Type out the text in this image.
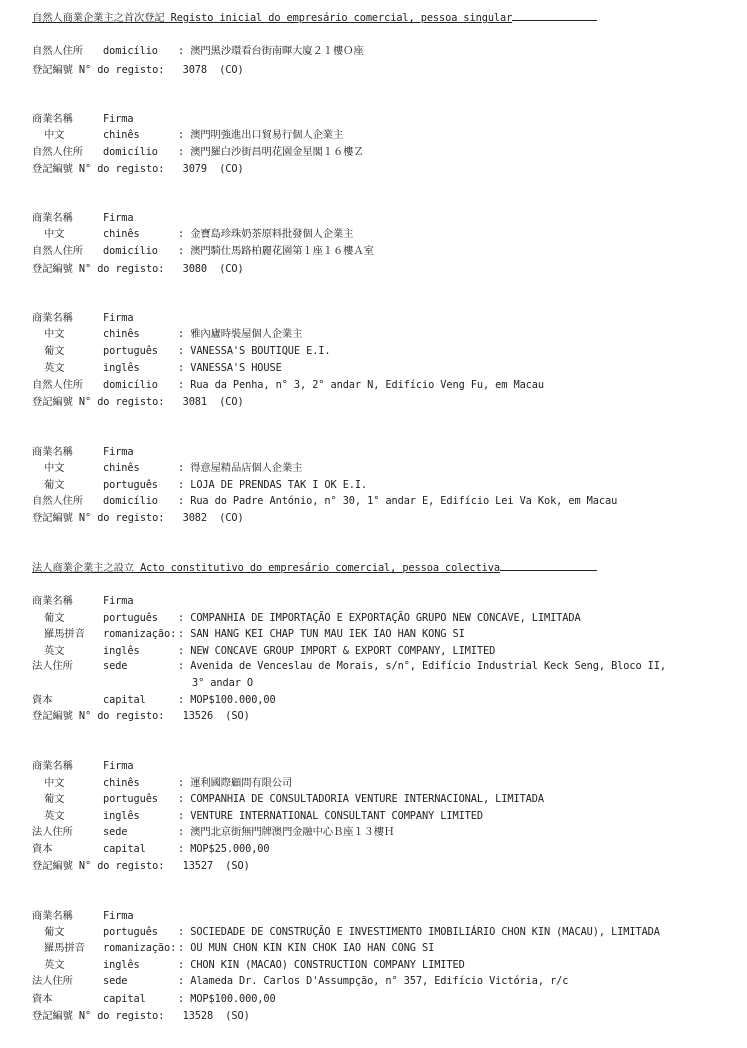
自然人商業企業主之首次登記 Registo inicial do empresário comercial, pessoa singular
自然人住所 domicílio : 澳門黑沙環看台街南暉大廈２１樓Ｏ座
登記編號 N° do registo: 3078  (CO)
商業名稱	Firma
中文	chinês	: 澳門明強進出口貿易行個人企業主
自然人住所 domicílio : 澳門羅白沙街昌明花園金星閣１６樓Ｚ
登記編號 N° do registo: 3079  (CO)
商業名稱	Firma
中文	chinês	: 金寶島珍珠奶茶原料批發個人企業主
自然人住所 domicílio : 澳門騎仕馬路柏麗花園第１座１６樓Ａ室
登記編號 N° do registo: 3080  (CO)
商業名稱	Firma
中文	chinês	: 雅內廬時裝屋個人企業主
葡文	português : VANESSA'S BOUTIQUE E.I.
英文	inglês	: VANESSA'S HOUSE
自然人住所 domicílio : Rua da Penha, n° 3, 2° andar N, Edifício Veng Fu, em Macau
登記編號 N° do registo: 3081  (CO)
商業名稱	Firma
中文	chinês	: 得意屋精品店個人企業主
葡文	português : LOJA DE PRENDAS TAK I OK E.I.
自然人住所 domicílio : Rua do Padre António, n° 30, 1° andar E, Edifício Lei Va Kok, em Macau
登記編號 N° do registo: 3082  (CO)
法人商業企業主之設立 Acto constitutivo do empresário comercial, pessoa colectiva
商業名稱	Firma
葡文	português : COMPANHIA DE IMPORTAÇÃO E EXPORTAÇÃO GRUPO NEW CONCAVE, LIMITADA
羅馬拼音 romanização: : SAN HANG KEI CHAP TUN MAU IEK IAO HAN KONG SI
英文	inglês	: NEW CONCAVE GROUP IMPORT & EXPORT COMPANY, LIMITED
法人住所	sede	: Avenida de Venceslau de Morais, s/n°, Edifício Industrial Keck Seng, Bloco II,
3° andar O
資本	capital	: MOP$100.000,00
登記編號 N° do registo: 13526  (SO)
商業名稱	Firma
中文	chinês	: 運利國際顧問有限公司
葡文	português : COMPANHIA DE CONSULTADORIA VENTURE INTERNACIONAL, LIMITADA
英文	inglês	: VENTURE INTERNATIONAL CONSULTANT COMPANY LIMITED
法人住所	sede	: 澳門北京街無門牌澳門金融中心Ｂ座１３樓Ｈ
資本	capital	: MOP$25.000,00
登記編號 N° do registo: 13527  (SO)
商業名稱	Firma
葡文	português : SOCIEDADE DE CONSTRUÇÃO E INVESTIMENTO IMOBILIÁRIO CHON KIN (MACAU), LIMITADA
羅馬拼音 romanização: : OU MUN CHON KIN KIN CHOK IAO HAN CONG SI
英文	inglês	: CHON KIN (MACAO) CONSTRUCTION COMPANY LIMITED
法人住所	sede	: Alameda Dr. Carlos D'Assumpção, n° 357, Edifício Victória, r/c
資本	capital	: MOP$100.000,00
登記編號 N° do registo: 13528  (SO)
